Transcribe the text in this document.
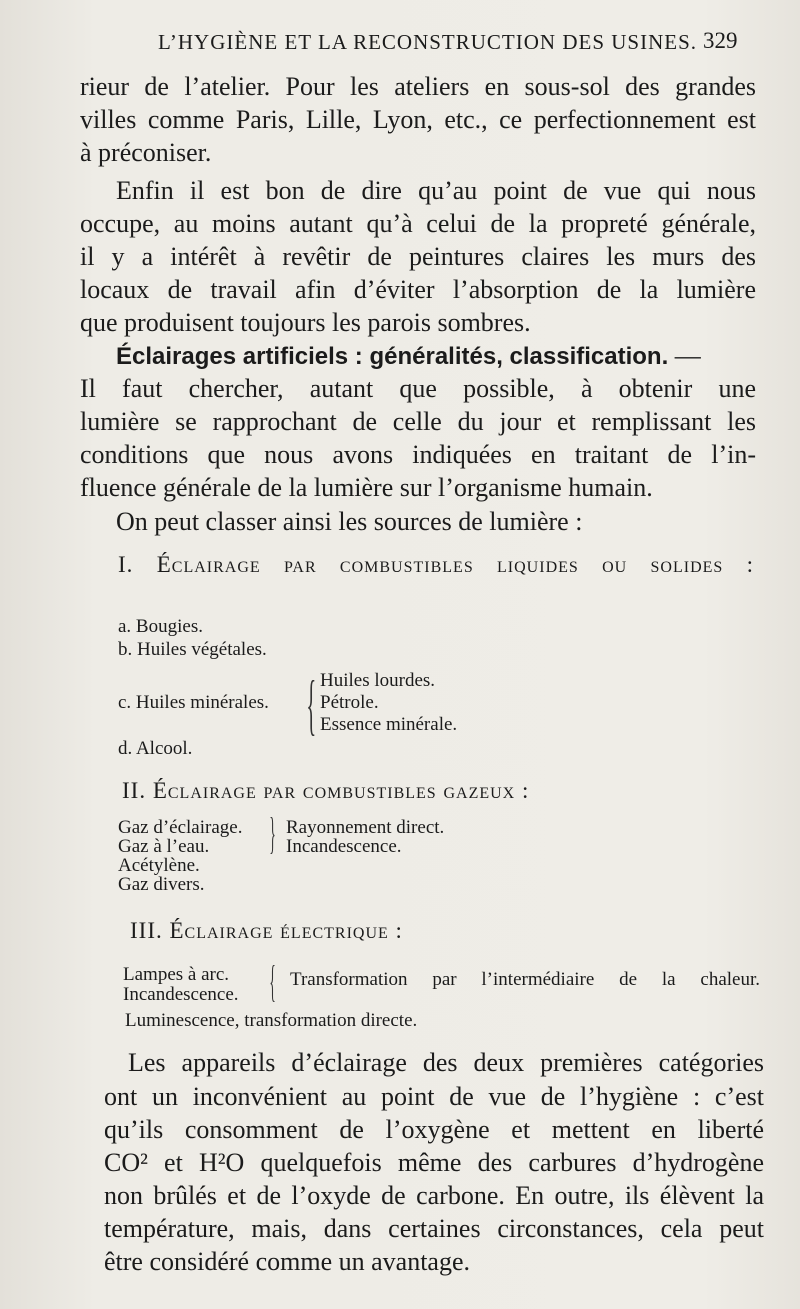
L’HYGIÈNE ET LA RECONSTRUCTION DES USINES. 329
rieur de l’atelier. Pour les ateliers en sous-sol des grandes
villes comme Paris, Lille, Lyon, etc., ce perfectionnement est
à préconiser.
Enfin il est bon de dire qu’au point de vue qui nous
occupe, au moins autant qu’à celui de la propreté générale,
il y a intérêt à revêtir de peintures claires les murs des
locaux de travail afin d’éviter l’absorption de la lumière
que produisent toujours les parois sombres.
Éclairages artificiels : généralités, classification. —
Il faut chercher, autant que possible, à obtenir une
lumière se rapprochant de celle du jour et remplissant les
conditions que nous avons indiquées en traitant de l’in-
fluence générale de la lumière sur l’organisme humain.
On peut classer ainsi les sources de lumière :
I. Éclairage par combustibles liquides ou solides :
a. Bougies.
b. Huiles végétales.
c. Huiles minérales. { Huiles lourdes.
Pétrole.
Essence minérale.
d. Alcool.
II. Éclairage par combustibles gazeux :
Gaz d’éclairage.
Gaz à l’eau.
Acétylène.
Gaz divers.
} Rayonnement direct.
Incandescence.
III. Éclairage électrique :
Lampes à arc.
Incandescence. { Transformation par l’intermédiaire de la chaleur.
Luminescence, transformation directe.
Les appareils d’éclairage des deux premières catégories
ont un inconvénient au point de vue de l’hygiène : c’est
qu’ils consomment de l’oxygène et mettent en liberté
CO² et H²O quelquefois même des carbures d’hydrogène
non brûlés et de l’oxyde de carbone. En outre, ils élèvent la
température, mais, dans certaines circonstances, cela peut
être considéré comme un avantage.
